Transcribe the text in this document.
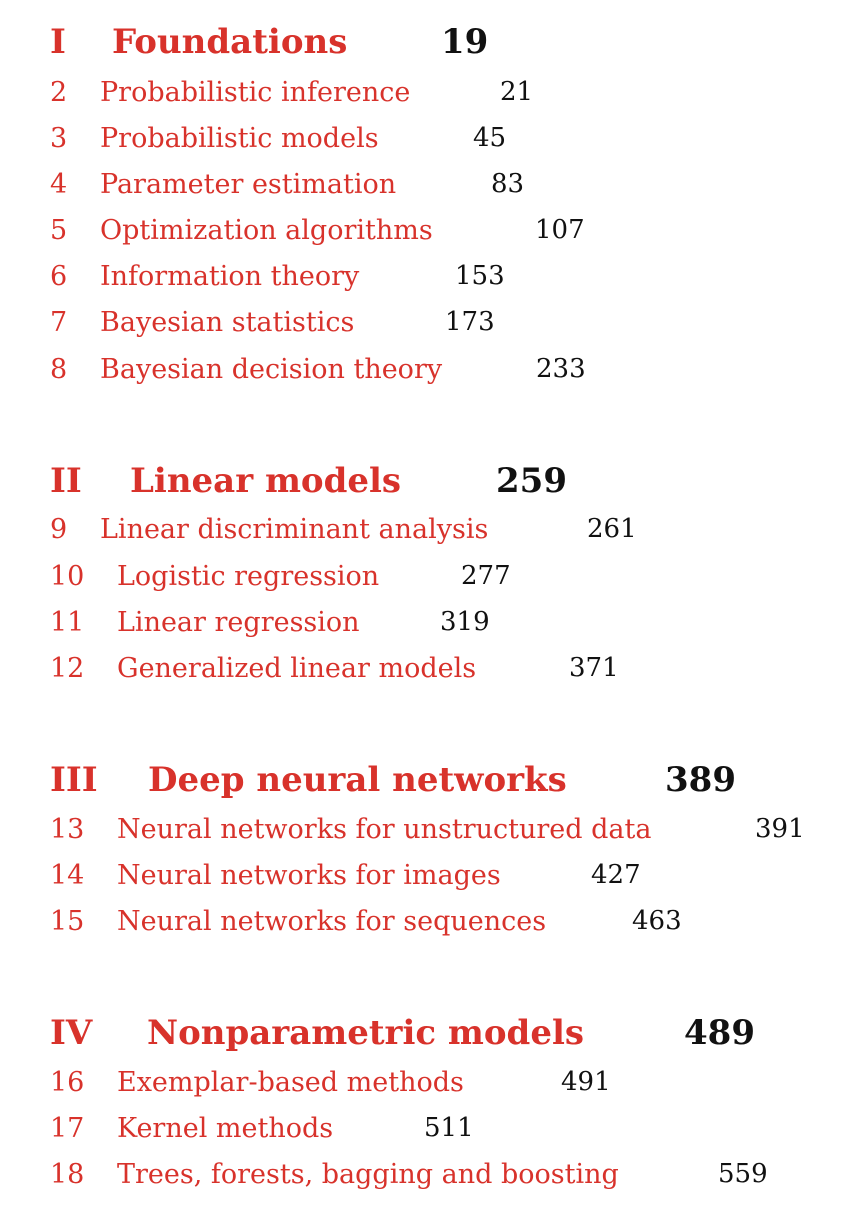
I Foundations	19
2 Probabilistic inference	21
3 Probabilistic models	45
4 Parameter estimation	83
5 Optimization algorithms	107
6 Information theory	153
7 Bayesian statistics	173
8 Bayesian decision theory	233
II Linear models	259
9 Linear discriminant analysis	261
10 Logistic regression	277
11 Linear regression	319
12 Generalized linear models	371
III Deep neural networks	389
13 Neural networks for unstructured data	391
14 Neural networks for images	427
15 Neural networks for sequences	463
IV Nonparametric models	489
16 Exemplar-based methods	491
17 Kernel methods	511
18 Trees, forests, bagging and boosting	559
